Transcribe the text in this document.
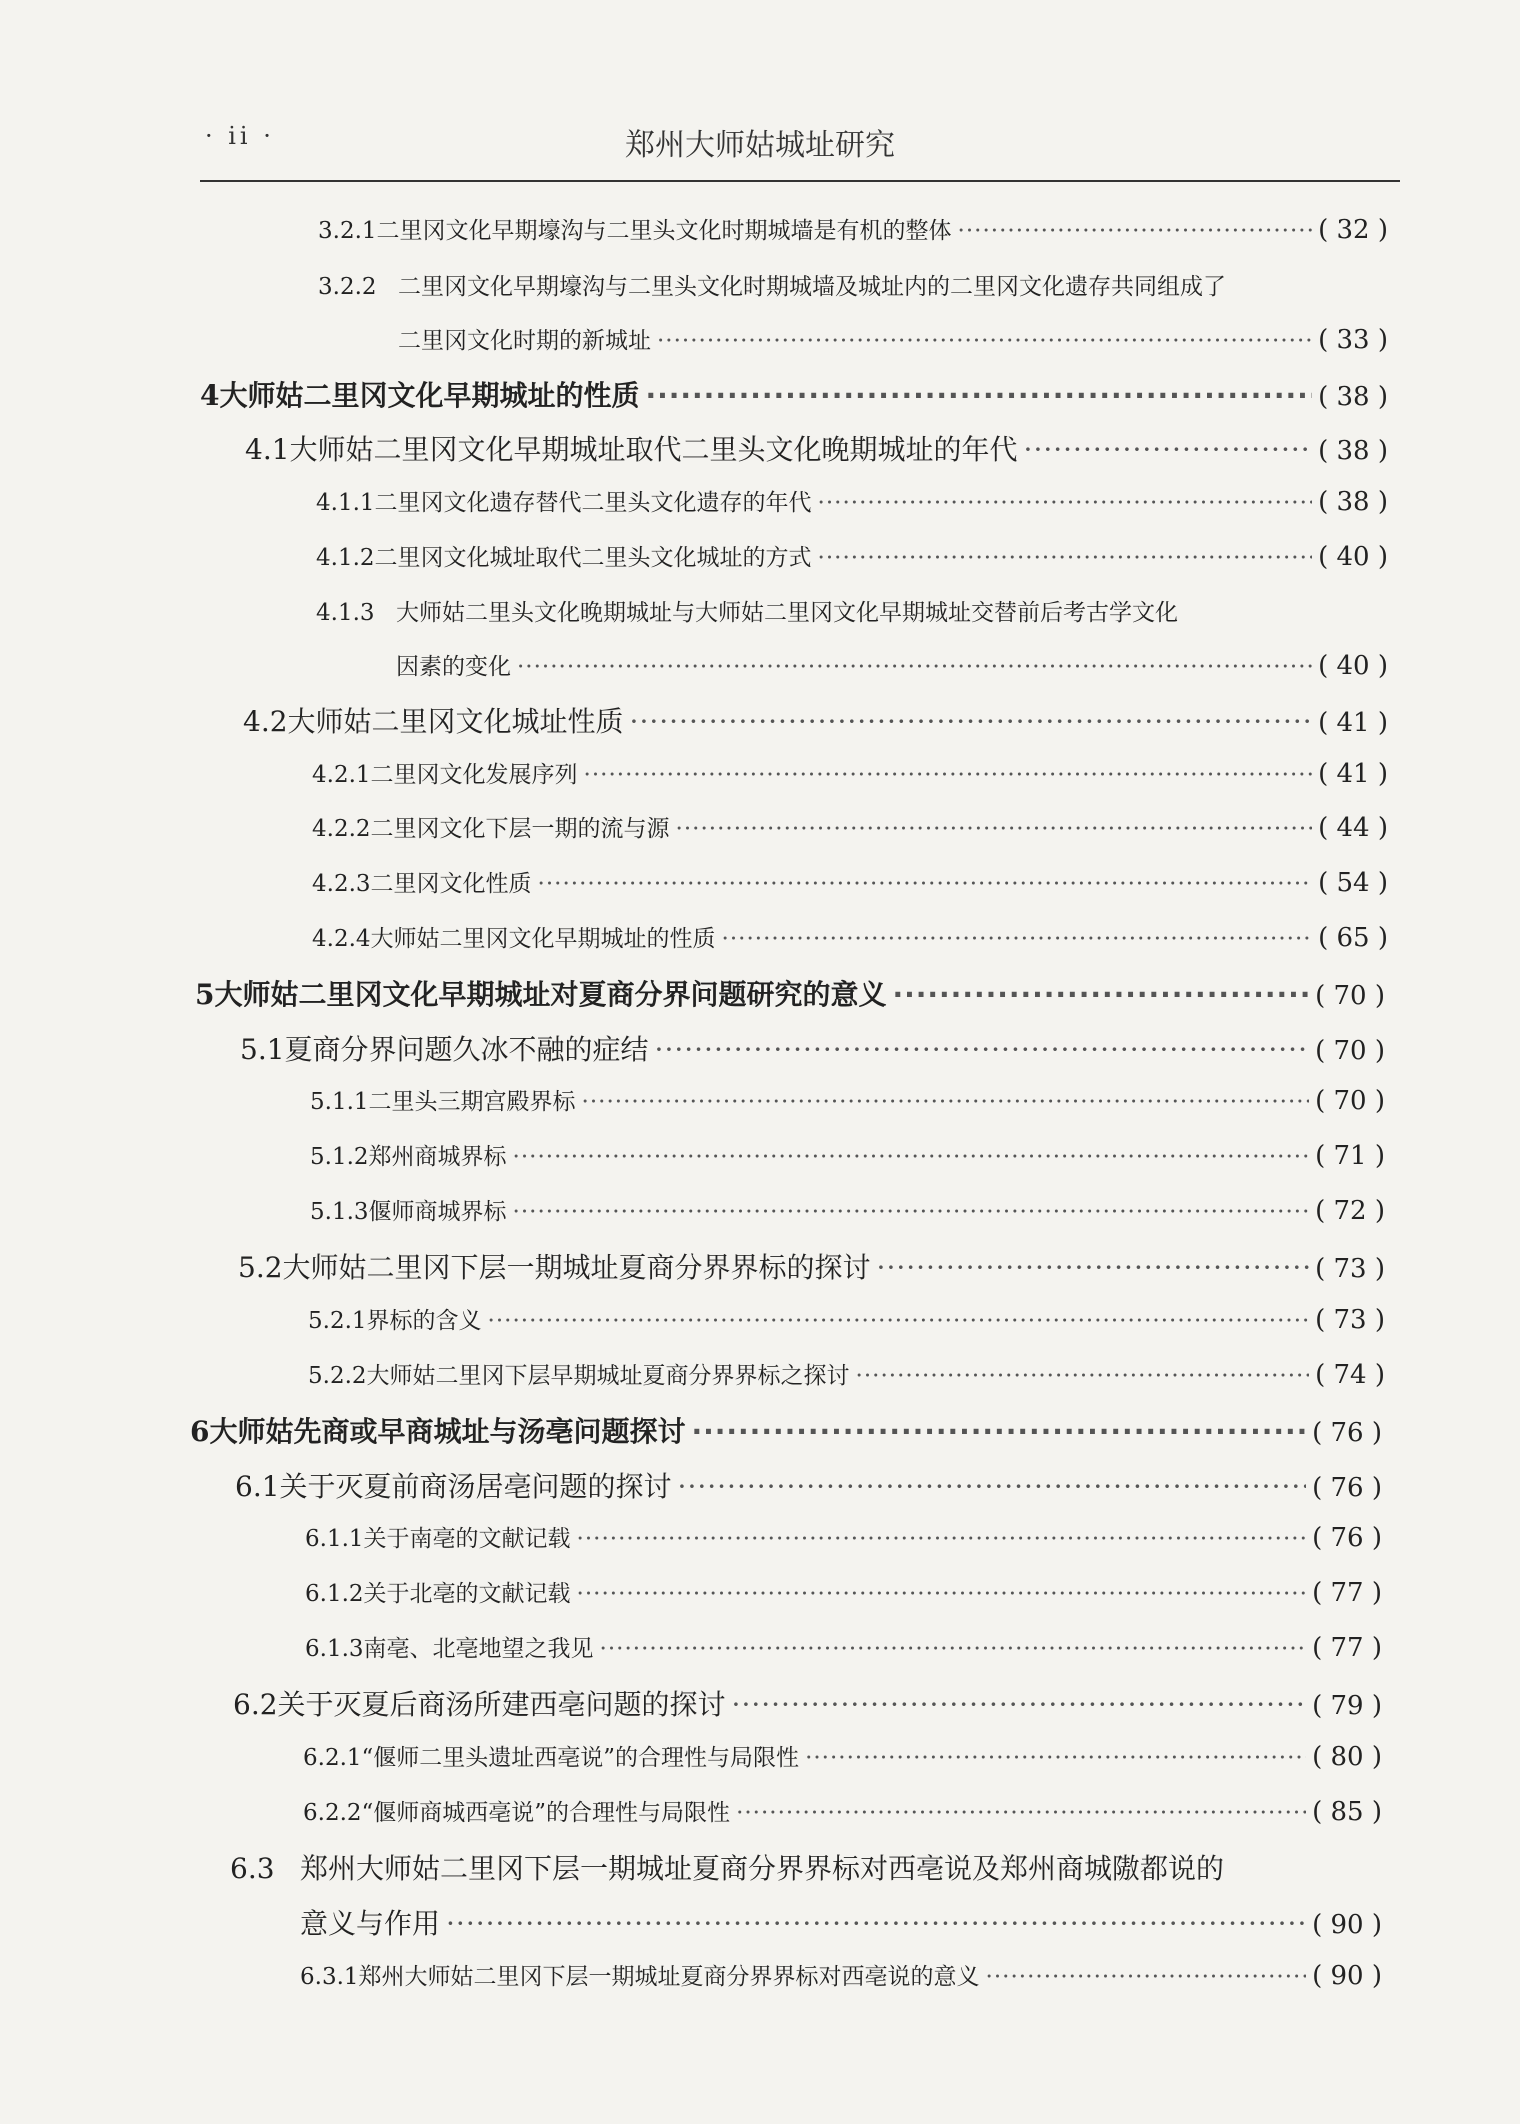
· ii ·	郑州大师姑城址研究
3.2.1 二里冈文化早期壕沟与二里头文化时期城墙是有机的整体 ·····	( 32 )
3.2.2 二里冈文化早期壕沟与二里头文化时期城墙及城址内的二里冈文化遗存共同组成了
二里冈文化时期的新城址 ·····	( 33 )
4 大师姑二里冈文化早期城址的性质 ·····	( 38 )
4.1 大师姑二里冈文化早期城址取代二里头文化晚期城址的年代 ·····	( 38 )
4.1.1 二里冈文化遗存替代二里头文化遗存的年代 ·····	( 38 )
4.1.2 二里冈文化城址取代二里头文化城址的方式 ·····	( 40 )
4.1.3 大师姑二里头文化晚期城址与大师姑二里冈文化早期城址交替前后考古学文化
因素的变化 ·····	( 40 )
4.2 大师姑二里冈文化城址性质 ·····	( 41 )
4.2.1 二里冈文化发展序列 ·····	( 41 )
4.2.2 二里冈文化下层一期的流与源 ·····	( 44 )
4.2.3 二里冈文化性质 ·····	( 54 )
4.2.4 大师姑二里冈文化早期城址的性质 ·····	( 65 )
5 大师姑二里冈文化早期城址对夏商分界问题研究的意义 ·····	( 70 )
5.1 夏商分界问题久冰不融的症结 ·····	( 70 )
5.1.1 二里头三期宫殿界标 ·····	( 70 )
5.1.2 郑州商城界标 ·····	( 71 )
5.1.3 偃师商城界标 ·····	( 72 )
5.2 大师姑二里冈下层一期城址夏商分界界标的探讨 ·····	( 73 )
5.2.1 界标的含义 ·····	( 73 )
5.2.2 大师姑二里冈下层早期城址夏商分界界标之探讨 ·····	( 74 )
6 大师姑先商或早商城址与汤亳问题探讨 ·····	( 76 )
6.1 关于灭夏前商汤居亳问题的探讨 ·····	( 76 )
6.1.1 关于南亳的文献记载 ·····	( 76 )
6.1.2 关于北亳的文献记载 ·····	( 77 )
6.1.3 南亳、北亳地望之我见 ·····	( 77 )
6.2 关于灭夏后商汤所建西亳问题的探讨 ·····	( 79 )
6.2.1 “偃师二里头遗址西亳说”的合理性与局限性 ·····	( 80 )
6.2.2 “偃师商城西亳说”的合理性与局限性 ·····	( 85 )
6.3 郑州大师姑二里冈下层一期城址夏商分界界标对西亳说及郑州商城隞都说的
意义与作用 ·····	( 90 )
6.3.1 郑州大师姑二里冈下层一期城址夏商分界界标对西亳说的意义 ·····	( 90 )
